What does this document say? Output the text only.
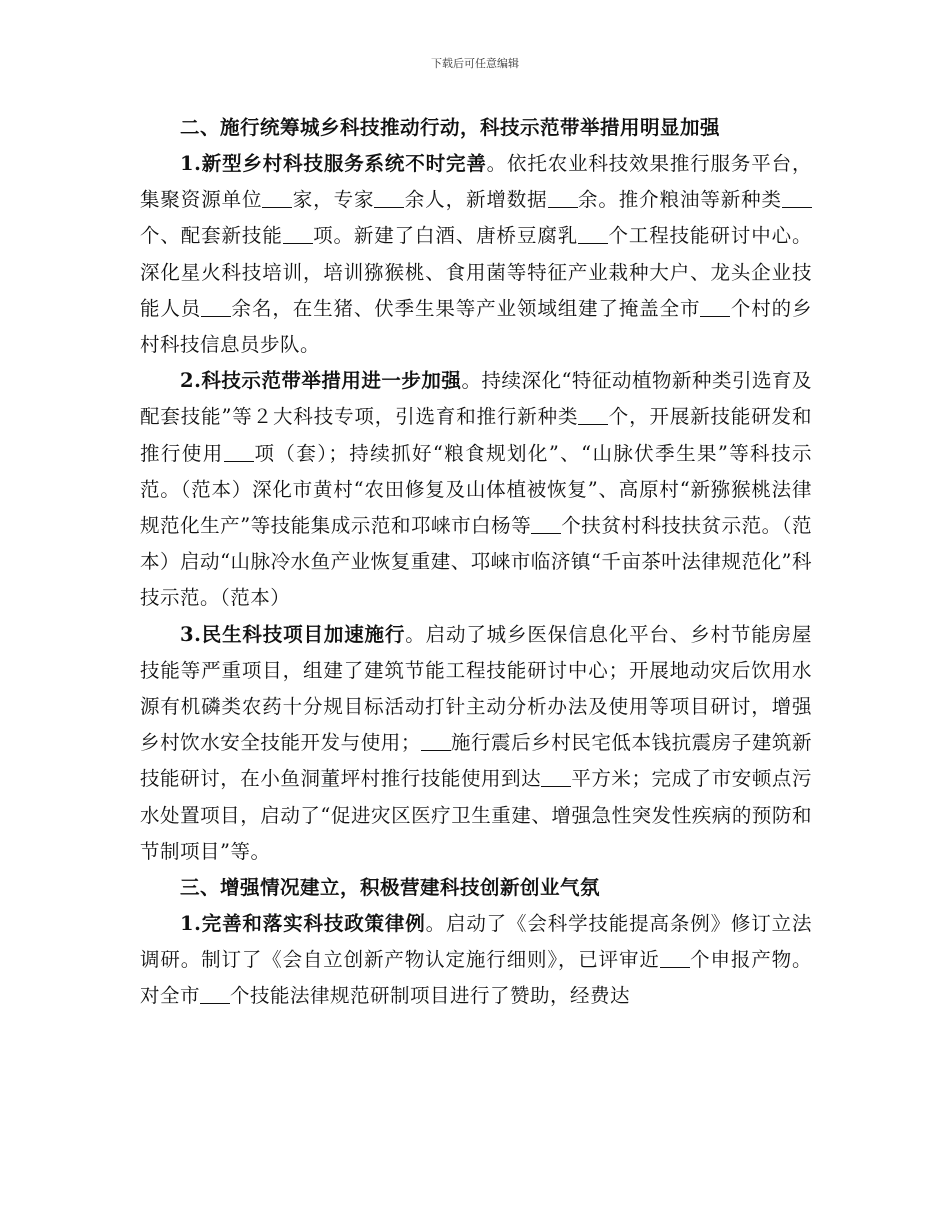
下载后可任意编辑

二、施行统筹城乡科技推动行动，科技示范带举措用明显加强

1.新型乡村科技服务系统不时完善。依托农业科技效果推行服务平台，集聚资源单位 家，专家 余人，新增数据 余。推介粮油等新种类个、配套新技能 项。新建了白酒、唐桥豆腐乳 个工程技能研讨中心。深化星火科技培训，培训猕猴桃、食用菌等特征产业栽种大户、龙头企业技能人员 余名，在生猪、伏季生果等产业领域组建了掩盖全市 个村的乡村科技信息员步队。

2.科技示范带举措用进一步加强。持续深化“特征动植物新种类引选育及配套技能”等２大科技专项，引选育和推行新种类 个，开展新技能研发和推行使用 项（套）；持续抓好“粮食规划化”、“山脉伏季生果”等科技示范。（范本）深化市黄村“农田修复及山体植被恢复”、高原村“新猕猴桃法律规范化生产”等技能集成示范和邛崃市白杨等 个扶贫村科技扶贫示范。（范本）启动“山脉冷水鱼产业恢复重建、邛崃市临济镇“千亩茶叶法律规范化”科技示范。（范本）

3.民生科技项目加速施行。启动了城乡医保信息化平台、乡村节能房屋技能等严重项目，组建了建筑节能工程技能研讨中心；开展地动灾后饮用水源有机磷类农药十分规目标活动打针主动分析办法及使用等项目研讨，增强乡村饮水安全技能开发与使用； 施行震后乡村民宅低本钱抗震房子建筑新技能研讨，在小鱼洞董坪村推行技能使用到达 平方米；完成了市安顿点污水处置项目，启动了“促进灾区医疗卫生重建、增强急性突发性疾病的预防和节制项目”等。

三、增强情况建立，积极营建科技创新创业气氛

1.完善和落实科技政策律例。启动了《会科学技能提高条例》修订立法调研。制订了《会自立创新产物认定施行细则》，已评审近 个申报产物。对全市 个技能法律规范研制项目进行了赞助，经费达
